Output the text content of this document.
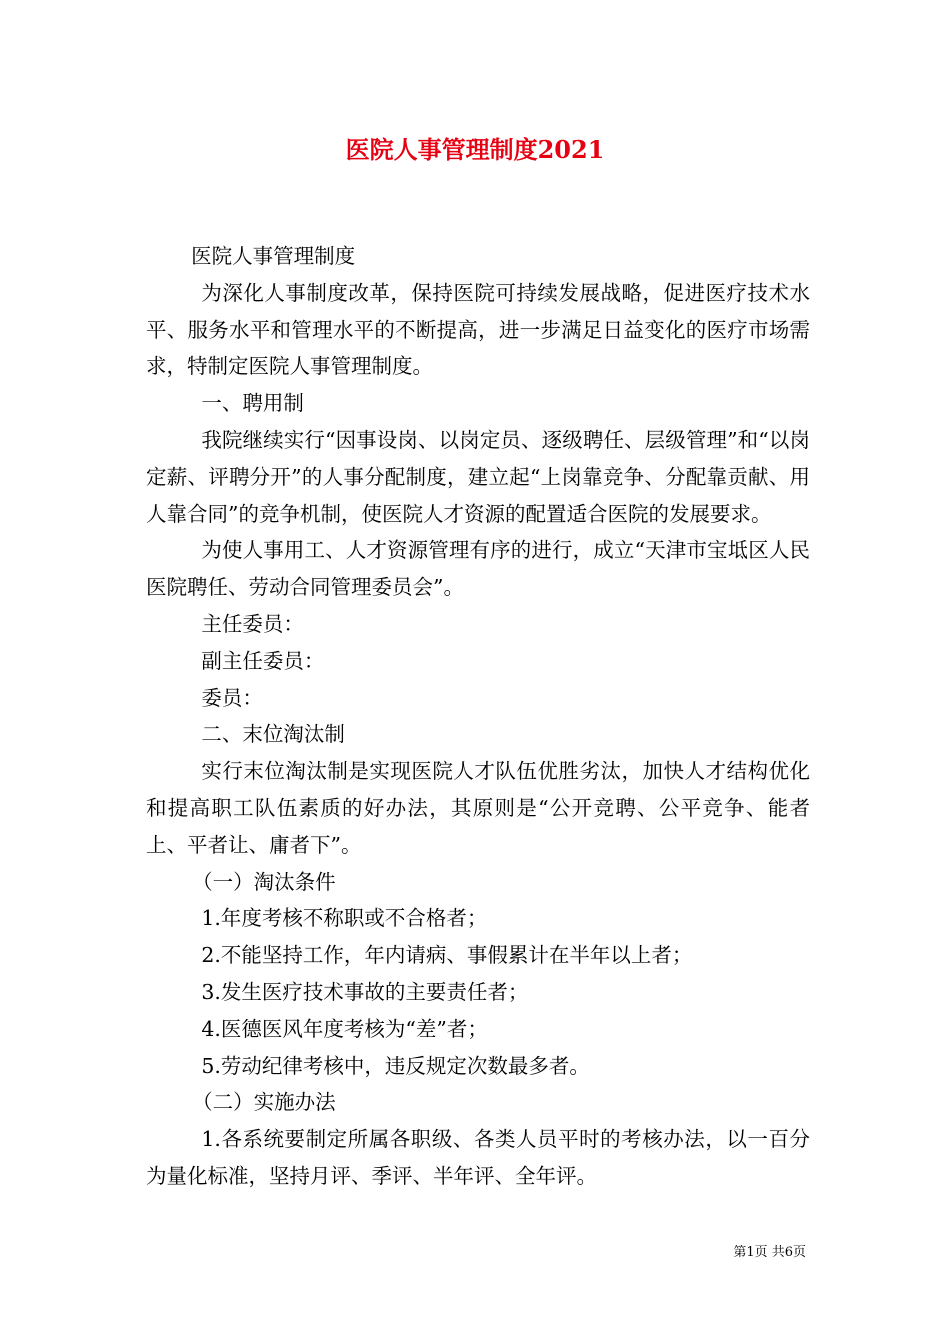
医院人事管理制度2021

医院人事管理制度

为深化人事制度改革，保持医院可持续发展战略，促进医疗技术水平、服务水平和管理水平的不断提高，进一步满足日益变化的医疗市场需求，特制定医院人事管理制度。

一、聘用制

我院继续实行“因事设岗、以岗定员、逐级聘任、层级管理”和“以岗定薪、评聘分开”的人事分配制度，建立起“上岗靠竞争、分配靠贡献、用人靠合同”的竞争机制，使医院人才资源的配置适合医院的发展要求。

为使人事用工、人才资源管理有序的进行，成立“天津市宝坻区人民医院聘任、劳动合同管理委员会”。

主任委员：

副主任委员：

委员：

二、末位淘汰制

实行末位淘汰制是实现医院人才队伍优胜劣汰，加快人才结构优化和提高职工队伍素质的好办法，其原则是“公开竞聘、公平竞争、能者上、平者让、庸者下”。

（一）淘汰条件

1.年度考核不称职或不合格者；

2.不能坚持工作，年内请病、事假累计在半年以上者；

3.发生医疗技术事故的主要责任者；

4.医德医风年度考核为“差”者；

5.劳动纪律考核中，违反规定次数最多者。

（二）实施办法

1.各系统要制定所属各职级、各类人员平时的考核办法，以一百分为量化标准，坚持月评、季评、半年评、全年评。

第1页 共6页
